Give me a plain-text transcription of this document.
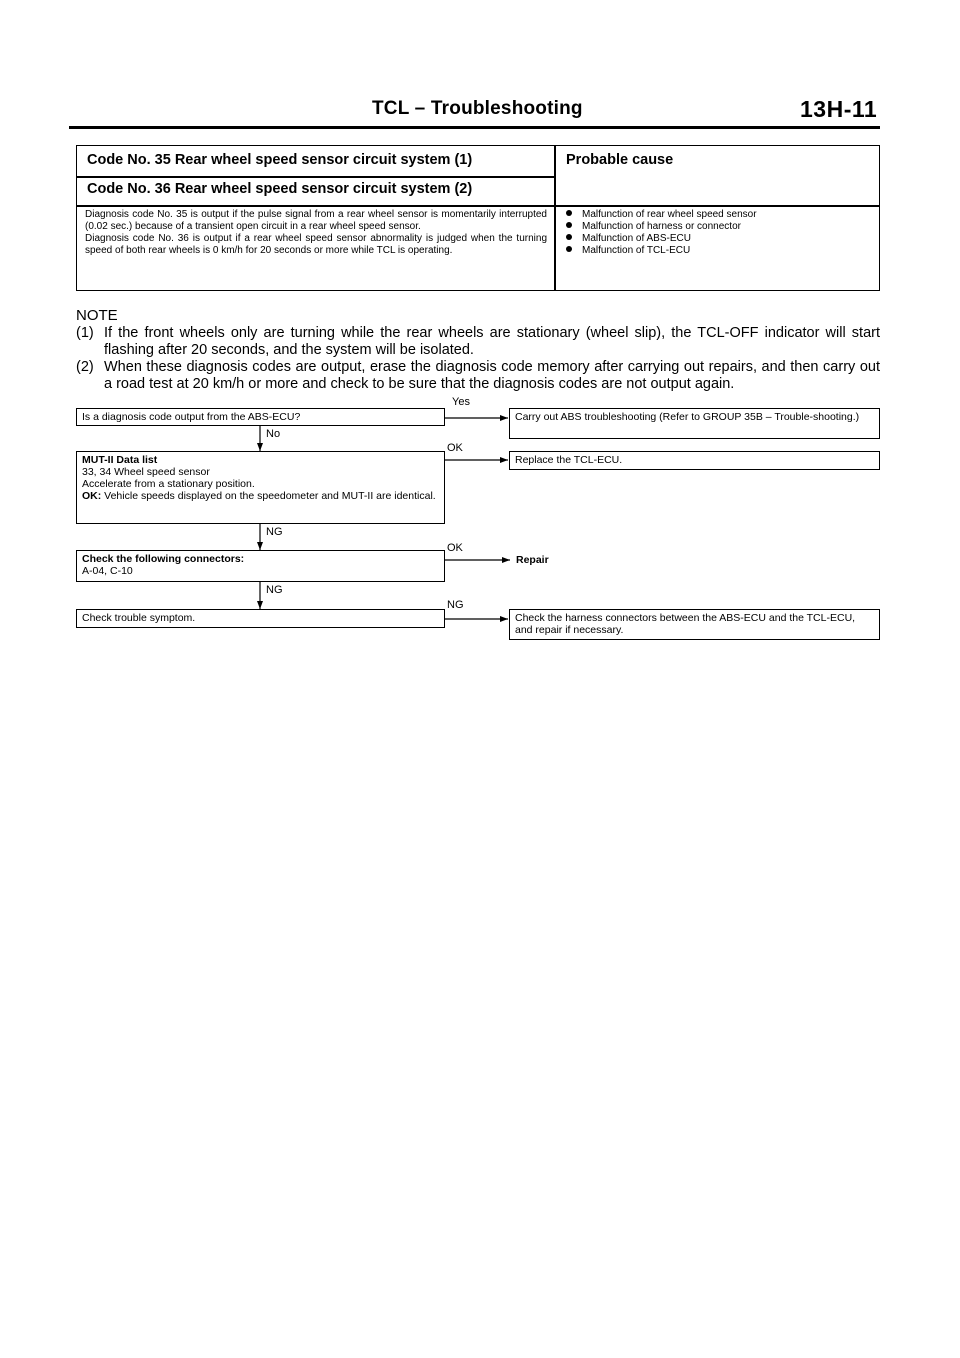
TCL – Troubleshooting	13H-11
Code No. 35 Rear wheel speed sensor circuit system (1)
Code No. 36 Rear wheel speed sensor circuit system (2)
Probable cause
Diagnosis code No. 35 is output if the pulse signal from a rear wheel sensor is momentarily interrupted (0.02 sec.) because of a transient open circuit in a rear wheel speed sensor.
Diagnosis code No. 36 is output if a rear wheel speed sensor abnormality is judged when the turning speed of both rear wheels is 0 km/h for 20 seconds or more while TCL is operating.
Malfunction of rear wheel speed sensor
Malfunction of harness or connector
Malfunction of ABS-ECU
Malfunction of TCL-ECU
NOTE
(1) If the front wheels only are turning while the rear wheels are stationary (wheel slip), the TCL-OFF indicator will start flashing after 20 seconds, and the system will be isolated.
(2) When these diagnosis codes are output, erase the diagnosis code memory after carrying out repairs, and then carry out a road test at 20 km/h or more and check to be sure that the diagnosis codes are not output again.
Is a diagnosis code output from the ABS-ECU?
Yes
Carry out ABS troubleshooting (Refer to GROUP 35B – Trouble-shooting.)
No
MUT-II Data list
33, 34 Wheel speed sensor
Accelerate from a stationary position.
OK: Vehicle speeds displayed on the speedometer and MUT-II are identical.
OK
Replace the TCL-ECU.
NG
Check the following connectors:
A-04, C-10
OK
Repair
NG
Check trouble symptom.
NG
Check the harness connectors between the ABS-ECU and the TCL-ECU, and repair if necessary.
